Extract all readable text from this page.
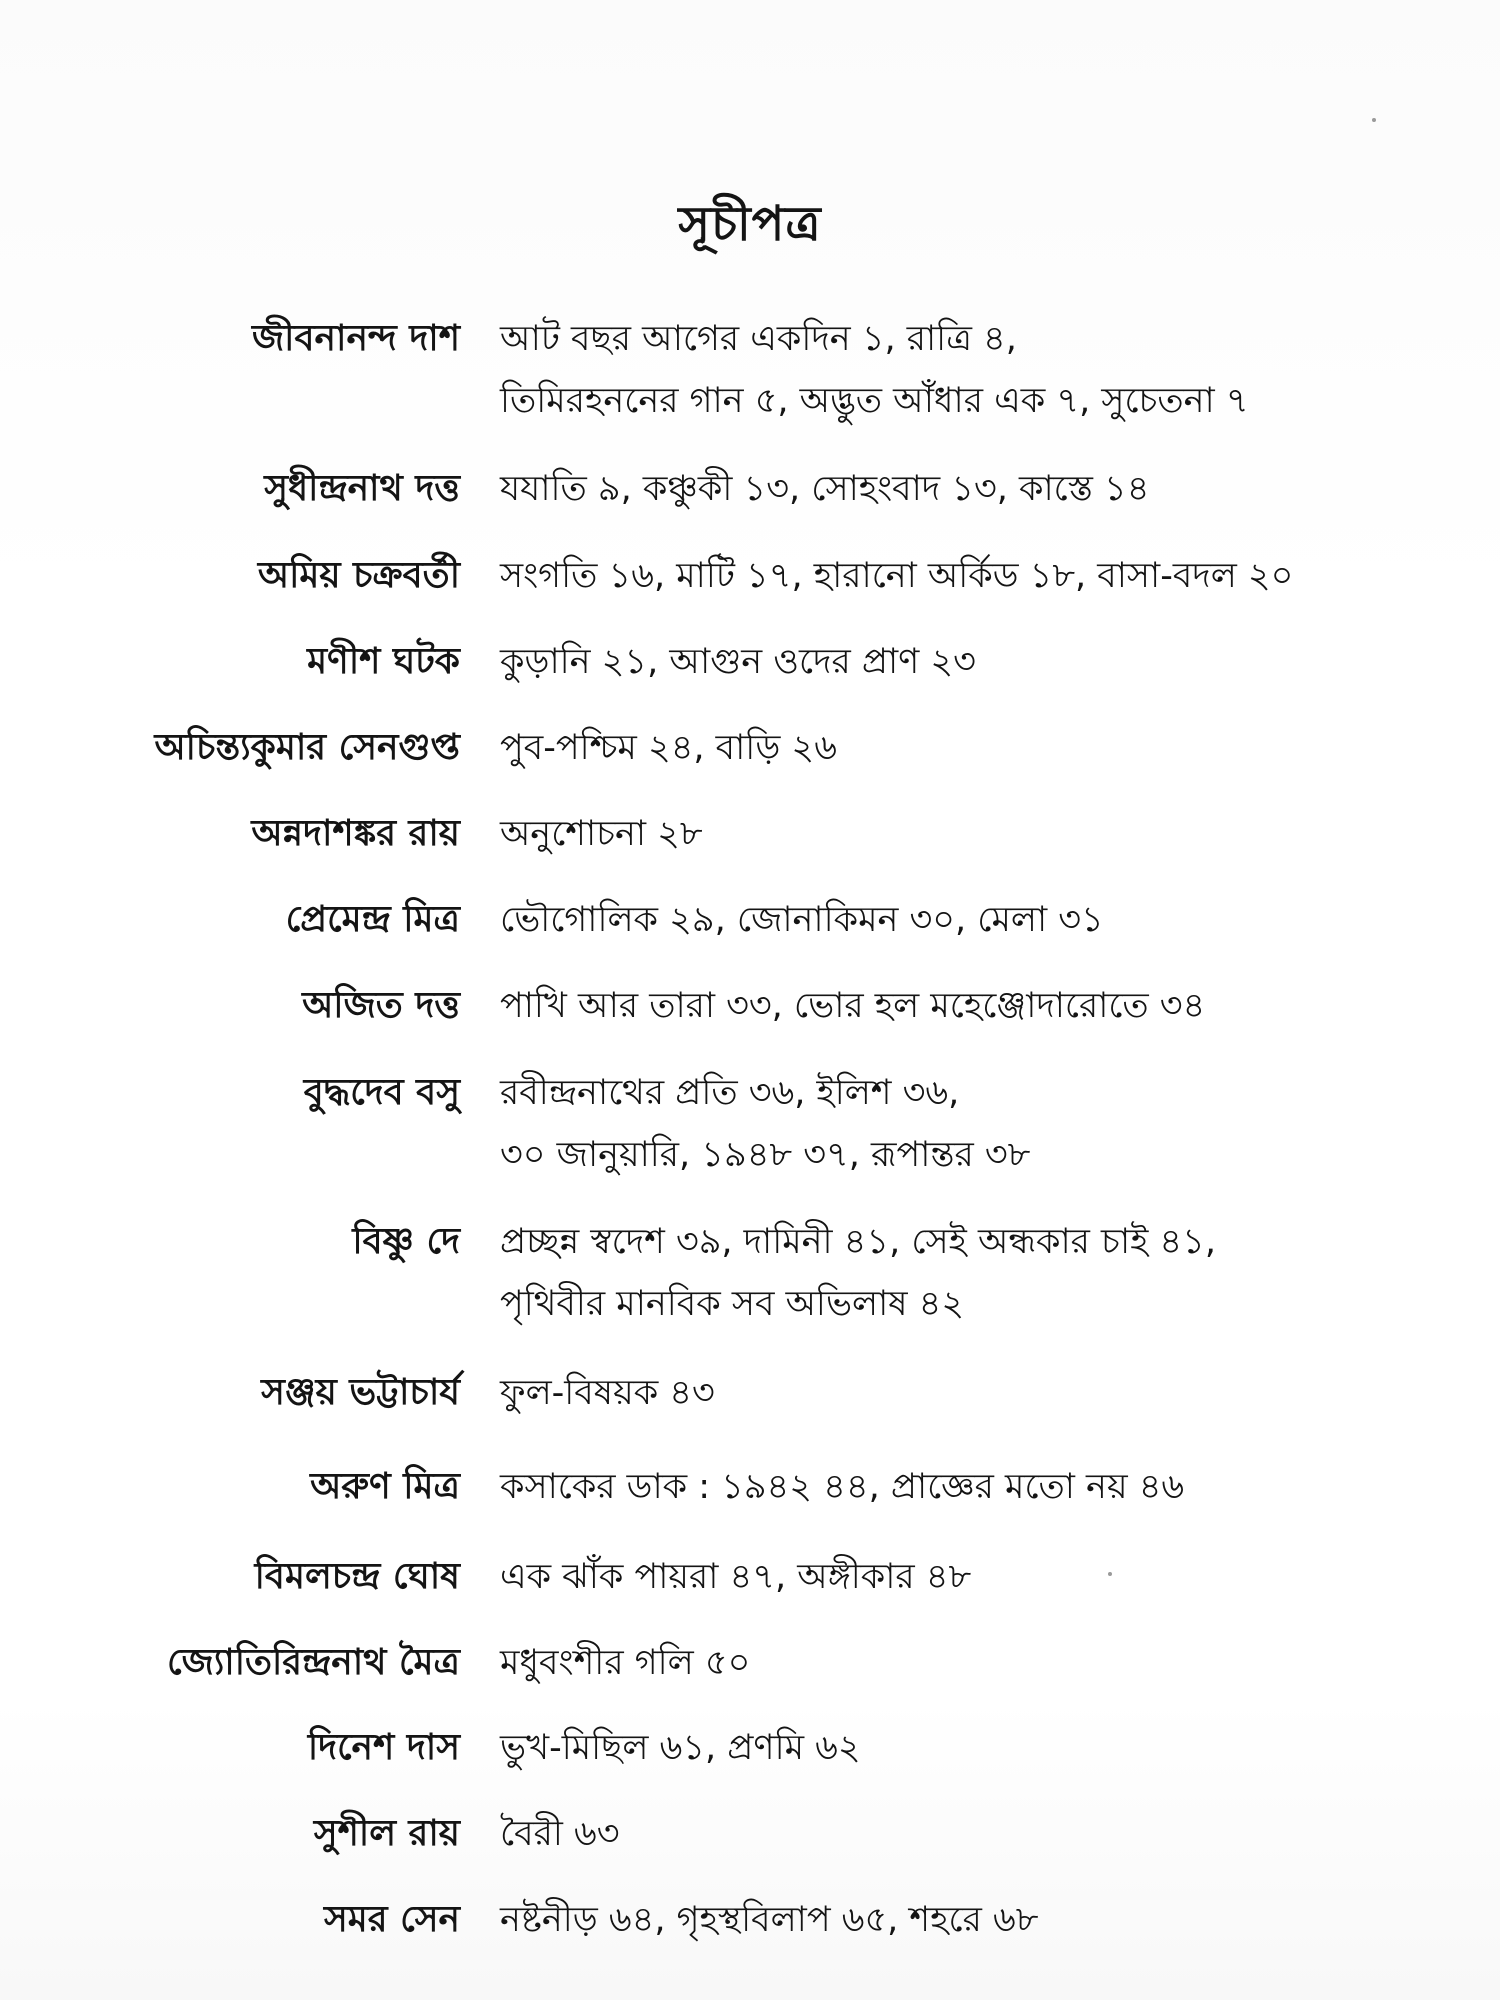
সূচীপত্র
জীবনানন্দ দাশ আট বছর আগের একদিন ১, রাত্রি ৪,
তিমিরহননের গান ৫, অদ্ভুত আঁধার এক ৭, সুচেতনা ৭
সুধীন্দ্রনাথ দত্ত যযাতি ৯, কঞ্চুকী ১৩, সোহংবাদ ১৩, কাস্তে ১৪
অমিয় চক্রবর্তী সংগতি ১৬, মাটি ১৭, হারানো অর্কিড ১৮, বাসা-বদল ২০
মণীশ ঘটক কুড়ানি ২১, আগুন ওদের প্রাণ ২৩
অচিন্ত্যকুমার সেনগুপ্ত পুব-পশ্চিম ২৪, বাড়ি ২৬
অন্নদাশঙ্কর রায় অনুশোচনা ২৮
প্রেমেন্দ্র মিত্র ভৌগোলিক ২৯, জোনাকিমন ৩০, মেলা ৩১
অজিত দত্ত পাখি আর তারা ৩৩, ভোর হল মহেঞ্জোদারোতে ৩৪
বুদ্ধদেব বসু রবীন্দ্রনাথের প্রতি ৩৬, ইলিশ ৩৬,
৩০ জানুয়ারি, ১৯৪৮ ৩৭, রূপান্তর ৩৮
বিষ্ণু দে প্রচ্ছন্ন স্বদেশ ৩৯, দামিনী ৪১, সেই অন্ধকার চাই ৪১,
পৃথিবীর মানবিক সব অভিলাষ ৪২
সঞ্জয় ভট্টাচার্য ফুল-বিষয়ক ৪৩
অরুণ মিত্র কসাকের ডাক : ১৯৪২ ৪৪, প্রাজ্ঞের মতো নয় ৪৬
বিমলচন্দ্র ঘোষ এক ঝাঁক পায়রা ৪৭, অঙ্গীকার ৪৮
জ্যোতিরিন্দ্রনাথ মৈত্র মধুবংশীর গলি ৫০
দিনেশ দাস ভুখ-মিছিল ৬১, প্রণমি ৬২
সুশীল রায় বৈরী ৬৩
সমর সেন নষ্টনীড় ৬৪, গৃহস্থবিলাপ ৬৫, শহরে ৬৮
